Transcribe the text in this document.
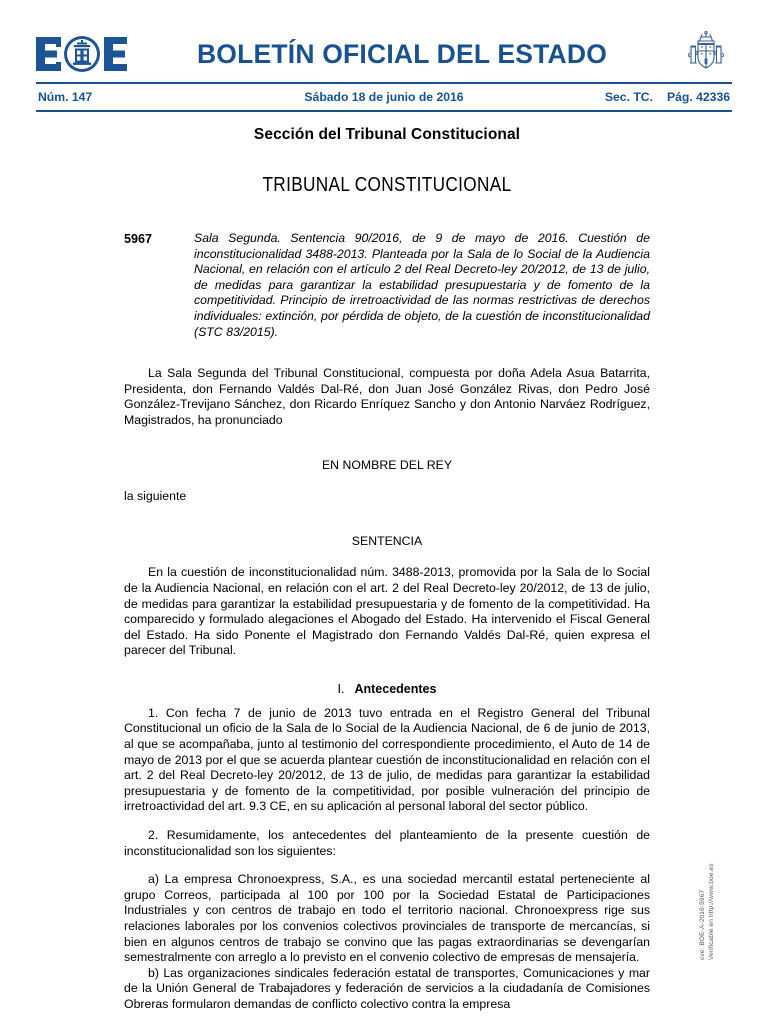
BOLETÍN OFICIAL DEL ESTADO
Núm. 147	Sábado 18 de junio de 2016	Sec. TC. Pág. 42336
Sección del Tribunal Constitucional
TRIBUNAL CONSTITUCIONAL
5967	Sala Segunda. Sentencia 90/2016, de 9 de mayo de 2016. Cuestión de inconstitucionalidad 3488-2013. Planteada por la Sala de lo Social de la Audiencia Nacional, en relación con el artículo 2 del Real Decreto-ley 20/2012, de 13 de julio, de medidas para garantizar la estabilidad presupuestaria y de fomento de la competitividad. Principio de irretroactividad de las normas restrictivas de derechos individuales: extinción, por pérdida de objeto, de la cuestión de inconstitucionalidad (STC 83/2015).

La Sala Segunda del Tribunal Constitucional, compuesta por doña Adela Asua Batarrita, Presidenta, don Fernando Valdés Dal-Ré, don Juan José González Rivas, don Pedro José González-Trevijano Sánchez, don Ricardo Enríquez Sancho y don Antonio Narváez Rodríguez, Magistrados, ha pronunciado

EN NOMBRE DEL REY

la siguiente

SENTENCIA

En la cuestión de inconstitucionalidad núm. 3488-2013, promovida por la Sala de lo Social de la Audiencia Nacional, en relación con el art. 2 del Real Decreto-ley 20/2012, de 13 de julio, de medidas para garantizar la estabilidad presupuestaria y de fomento de la competitividad. Ha comparecido y formulado alegaciones el Abogado del Estado. Ha intervenido el Fiscal General del Estado. Ha sido Ponente el Magistrado don Fernando Valdés Dal-Ré, quien expresa el parecer del Tribunal.

I. Antecedentes

1. Con fecha 7 de junio de 2013 tuvo entrada en el Registro General del Tribunal Constitucional un oficio de la Sala de lo Social de la Audiencia Nacional, de 6 de junio de 2013, al que se acompañaba, junto al testimonio del correspondiente procedimiento, el Auto de 14 de mayo de 2013 por el que se acuerda plantear cuestión de inconstitucionalidad en relación con el art. 2 del Real Decreto-ley 20/2012, de 13 de julio, de medidas para garantizar la estabilidad presupuestaria y de fomento de la competitividad, por posible vulneración del principio de irretroactividad del art. 9.3 CE, en su aplicación al personal laboral del sector público.

2. Resumidamente, los antecedentes del planteamiento de la presente cuestión de inconstitucionalidad son los siguientes:

a) La empresa Chronoexpress, S.A., es una sociedad mercantil estatal perteneciente al grupo Correos, participada al 100 por 100 por la Sociedad Estatal de Participaciones Industriales y con centros de trabajo en todo el territorio nacional. Chronoexpress rige sus relaciones laborales por los convenios colectivos provinciales de transporte de mercancías, si bien en algunos centros de trabajo se convino que las pagas extraordinarias se devengarían semestralmente con arreglo a lo previsto en el convenio colectivo de empresas de mensajería.

b) Las organizaciones sindicales federación estatal de transportes, Comunicaciones y mar de la Unión General de Trabajadores y federación de servicios a la ciudadanía de Comisiones Obreras formularon demandas de conflicto colectivo contra la empresa

cve: BOE-A-2016-5967 Verificable en http://www.boe.es
